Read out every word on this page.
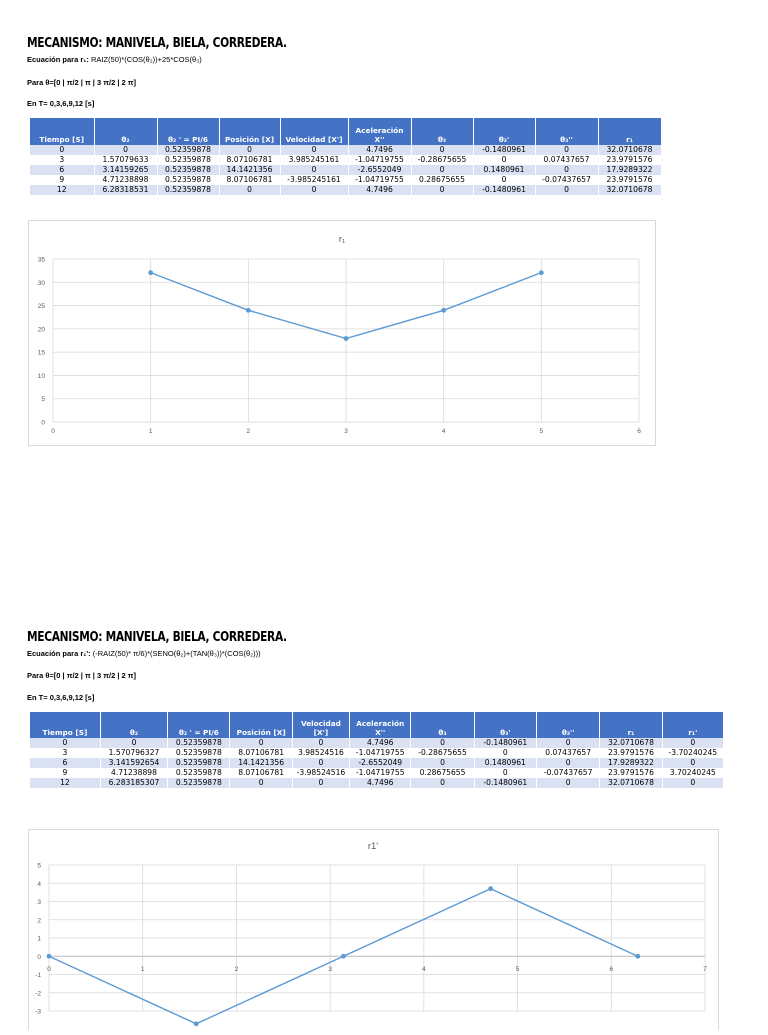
MECANISMO: MANIVELA, BIELA, CORREDERA.
Ecuación para r₁: RAIZ(50)*(COS(θ₂))+25*COS(θ₃)
Para θ=[0 | π/2 | π | 3 π/2 | 2 π]
En T= 0,3,6,9,12 [s]
Tiempo [S]	θ₂	θ₂ ' = PI/6	Posición [X]	Velocidad [X']	Aceleración X''	θ₃	θ₃'	θ₃''	r₁
0	0	0.52359878	0	0	4.7496	0	-0.1480961	0	32.0710678
3	1.57079633	0.52359878	8.07106781	3.985245161	-1.04719755	-0.28675655	0	0.07437657	23.9791576
6	3.14159265	0.52359878	14.1421356	0	-2.6552049	0	0.1480961	0	17.9289322
9	4.71238898	0.52359878	8.07106781	-3.985245161	-1.04719755	0.28675655	0	-0.07437657	23.9791576
12	6.28318531	0.52359878	0	0	4.7496	0	-0.1480961	0	32.0710678
r₁
0
5
10
15
20
25
30
35
0	1	2	3	4	5	6
MECANISMO: MANIVELA, BIELA, CORREDERA.
Ecuación para r₁': (-RAIZ(50)* π/6)*(SENO(θ₂)+(TAN(θ₃))*(COS(θ₂)))
Para θ=[0 | π/2 | π | 3 π/2 | 2 π]
En T= 0,3,6,9,12 [s]
Tiempo [S]	θ₂	θ₂ ' = PI/6	Posición [X]	Velocidad [X']	Aceleración X''	θ₃	θ₃'	θ₃''	r₁	r₁'
0	0	0.52359878	0	0	4.7496	0	-0.1480961	0	32.0710678	0
3	1.570796327	0.52359878	8.07106781	3.98524516	-1.04719755	-0.28675655	0	0.07437657	23.9791576	-3.70240245
6	3.141592654	0.52359878	14.1421356	0	-2.6552049	0	0.1480961	0	17.9289322	0
9	4.71238898	0.52359878	8.07106781	-3.98524516	-1.04719755	0.28675655	0	-0.07437657	23.9791576	3.70240245
12	6.283185307	0.52359878	0	0	4.7496	0	-0.1480961	0	32.0710678	0
r1'
-3
-2
-1
0
1
2
3
4
5
0	1	2	3	4	5	6	7
